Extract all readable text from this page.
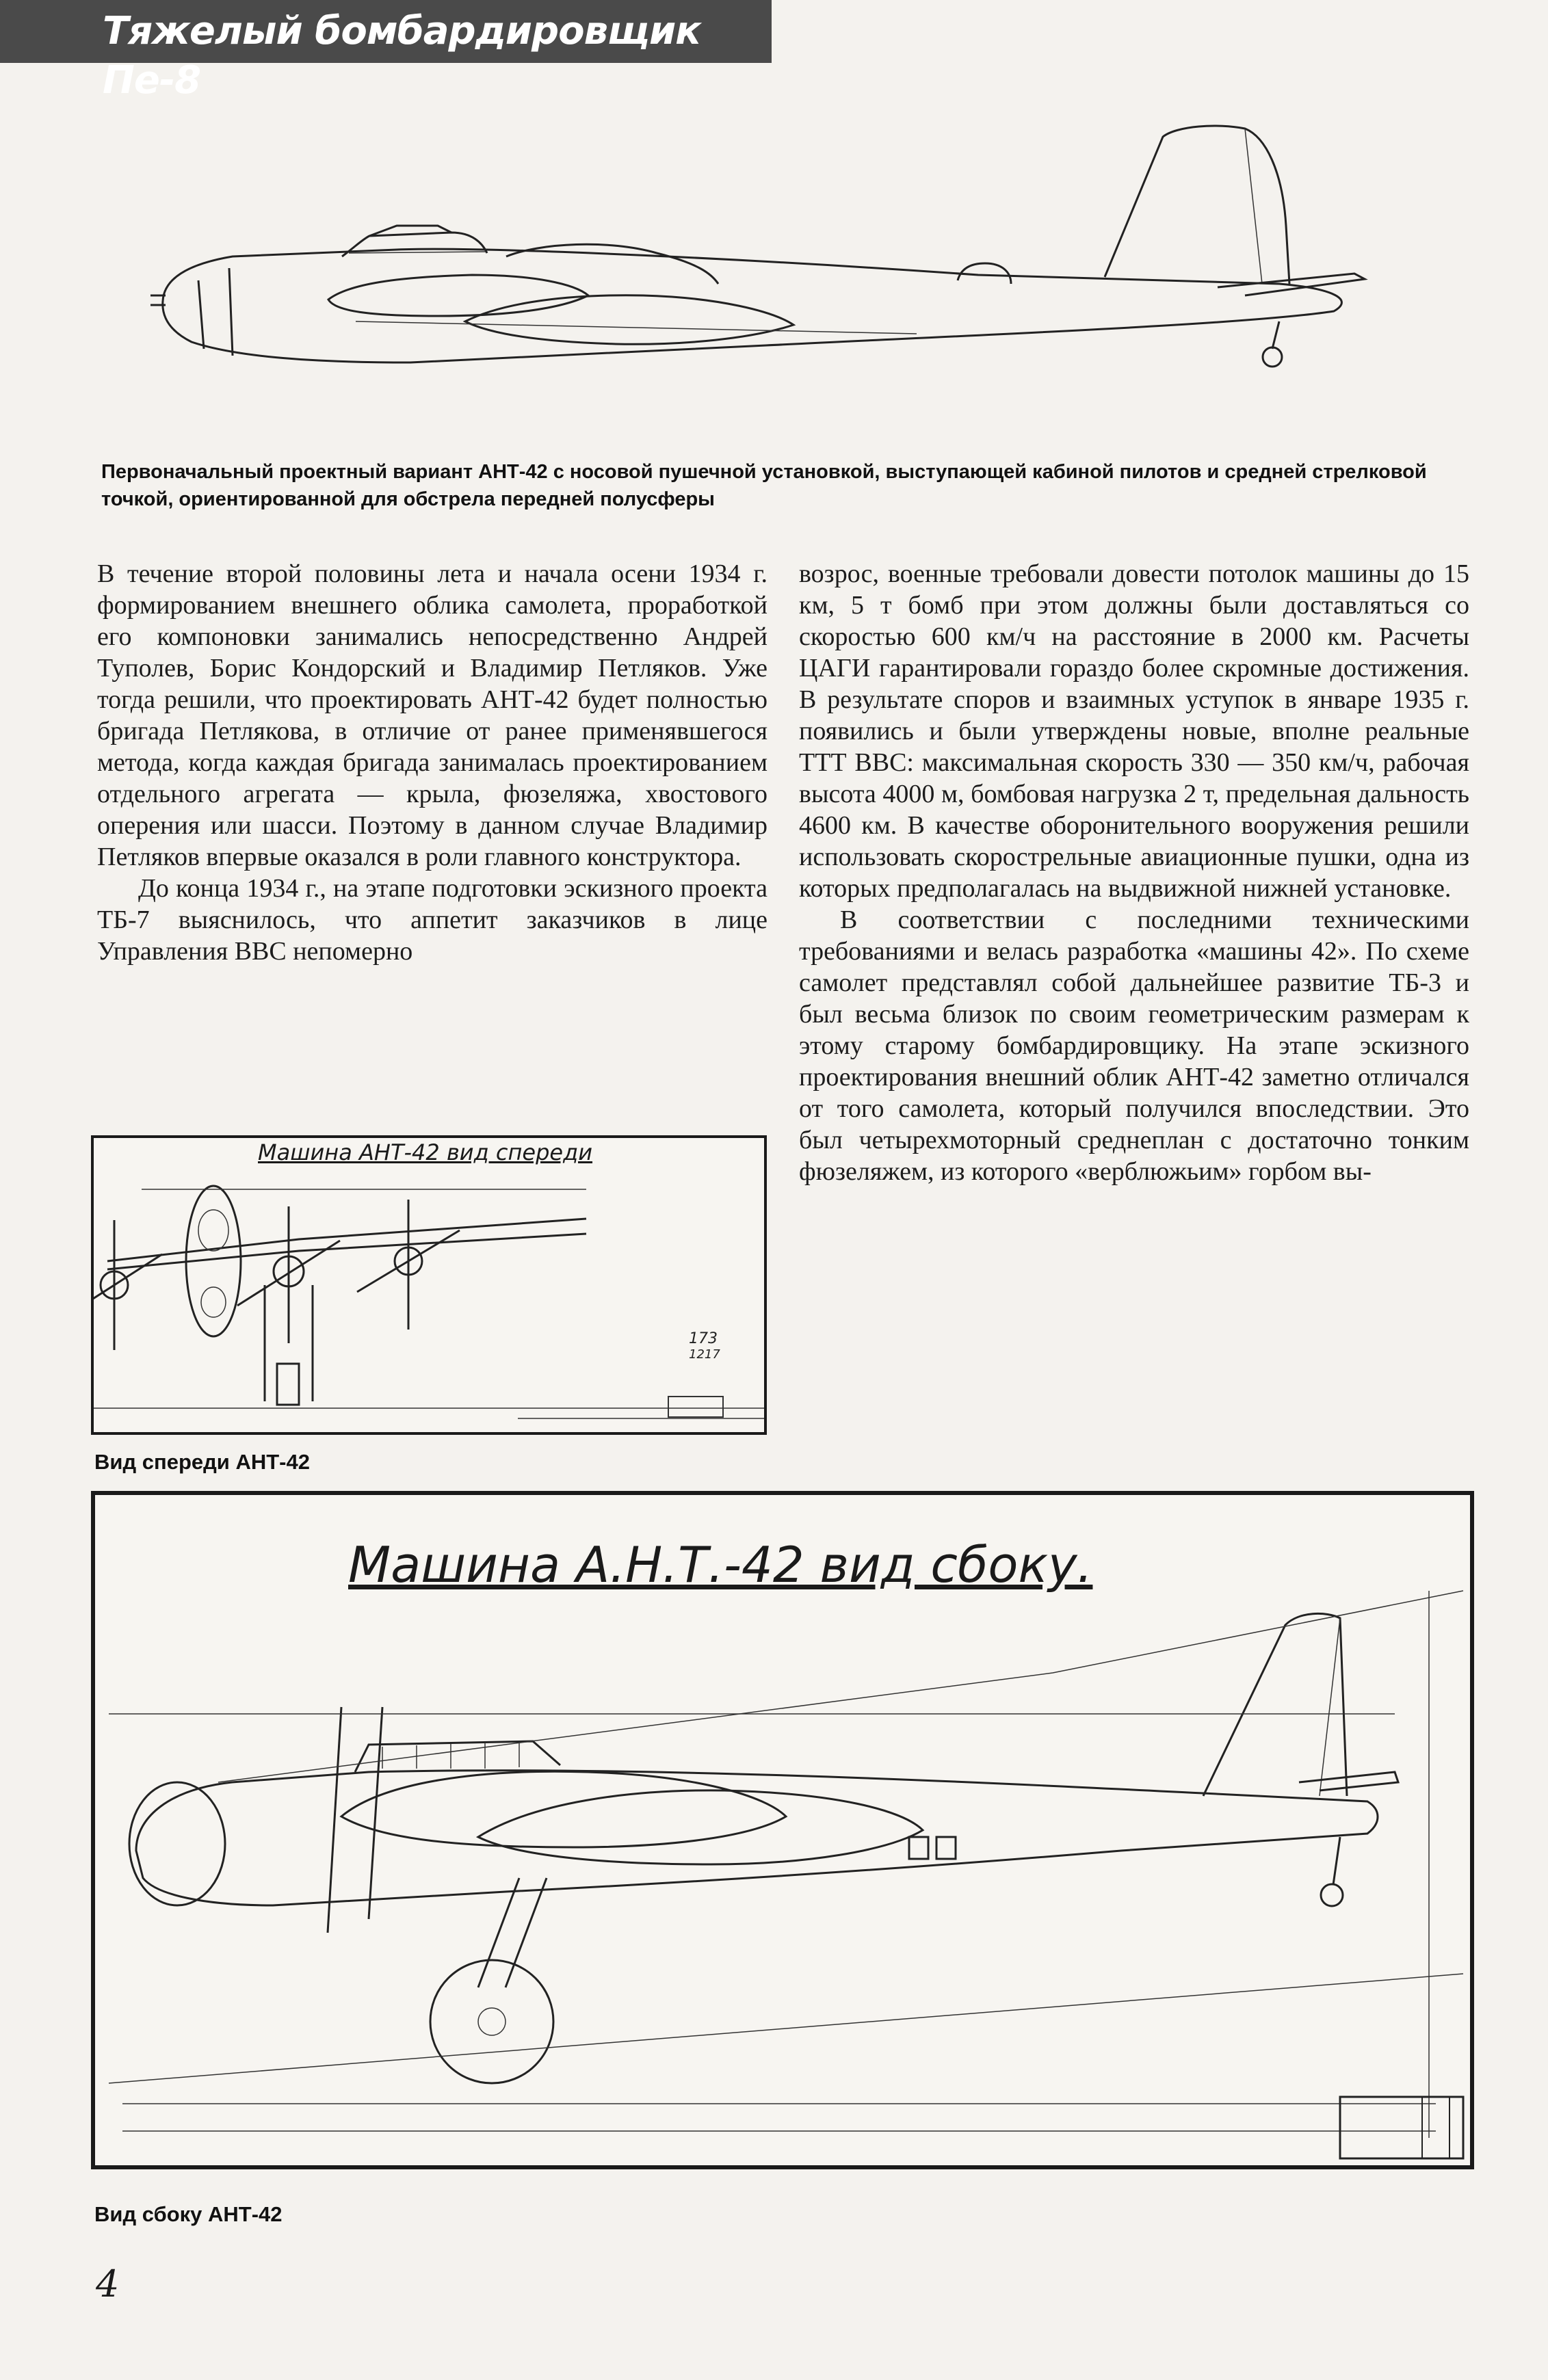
Тяжелый бомбардировщик Пе-8
Первоначальный проектный вариант АНТ-42 с носовой пушечной установкой, выступающей кабиной пилотов и средней стрелковой точкой, ориентированной для обстрела передней полусферы

В течение второй половины лета и начала осени 1934 г. формированием внешнего облика самолета, проработкой его компоновки занимались непосредственно Андрей Туполев, Борис Кондорский и Владимир Петляков. Уже тогда решили, что проектировать АНТ-42 будет полностью бригада Петлякова, в отличие от ранее применявшегося метода, когда каждая бригада занималась проектированием отдельного агрегата — крыла, фюзеляжа, хвостового оперения или шасси. Поэтому в данном случае Владимир Петляков впервые оказался в роли главного конструктора.

До конца 1934 г., на этапе подготовки эскизного проекта ТБ-7 выяснилось, что аппетит заказчиков в лице Управления ВВС непомерно

возрос, военные требовали довести потолок машины до 15 км, 5 т бомб при этом должны были доставляться со скоростью 600 км/ч на расстояние в 2000 км. Расчеты ЦАГИ гарантировали гораздо более скромные достижения. В результате споров и взаимных уступок в январе 1935 г. появились и были утверждены новые, вполне реальные ТТТ ВВС: максимальная скорость 330 — 350 км/ч, рабочая высота 4000 м, бомбовая нагрузка 2 т, предельная дальность 4600 км. В качестве оборонительного вооружения решили использовать скорострельные авиационные пушки, одна из которых предполагалась на выдвижной нижней установке.

В соответствии с последними техническими требованиями и велась разработка «машины 42». По схеме самолет представлял собой дальнейшее развитие ТБ-3 и был весьма близок по своим геометрическим размерам к этому старому бомбардировщику. На этапе эскизного проектирования внешний облик АНТ-42 заметно отличался от того самолета, который получился впоследствии. Это был четырехмоторный среднеплан с достаточно тонким фюзеляжем, из которого «верблюжьим» горбом вы-

Машина АНТ-42 вид спереди
173
1217
Вид спереди АНТ-42
Машина А.Н.Т.-42 вид сбоку.
Вид сбоку АНТ-42
4
